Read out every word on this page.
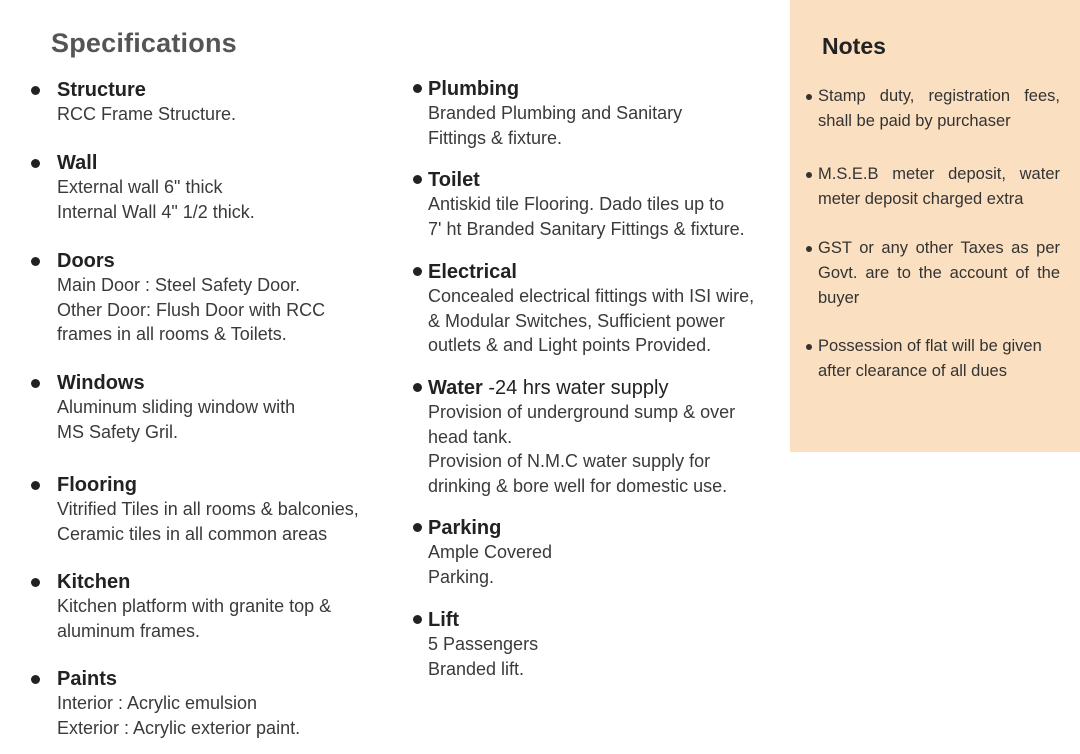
Specifications
Structure
RCC Frame Structure.
Wall
External wall 6" thick
Internal Wall 4" 1/2 thick.
Doors
Main Door : Steel Safety Door.
Other Door: Flush Door with RCC
frames in all rooms & Toilets.
Windows
Aluminum sliding window with
MS Safety Gril.
Flooring
Vitrified Tiles in all rooms & balconies,
Ceramic tiles in all common areas
Kitchen
Kitchen platform with granite top &
aluminum frames.
Paints
Interior : Acrylic emulsion
Exterior : Acrylic exterior paint.
Plumbing
Branded Plumbing and Sanitary
Fittings & fixture.
Toilet
Antiskid tile Flooring. Dado tiles up to
7' ht Branded Sanitary Fittings & fixture.
Electrical
Concealed electrical fittings with ISI wire,
& Modular Switches, Sufficient power
outlets & and Light points Provided.
Water -24 hrs water supply
Provision of underground sump & over
head tank.
Provision of N.M.C water supply for
drinking & bore well for domestic use.
Parking
Ample Covered
Parking.
Lift
5 Passengers
Branded lift.
Notes
Stamp duty, registration fees,
shall be paid by purchaser
M.S.E.B meter deposit, water
meter deposit charged extra
GST or any other Taxes as per
Govt. are to the account of the
buyer
Possession of flat will be given
after clearance of all dues
